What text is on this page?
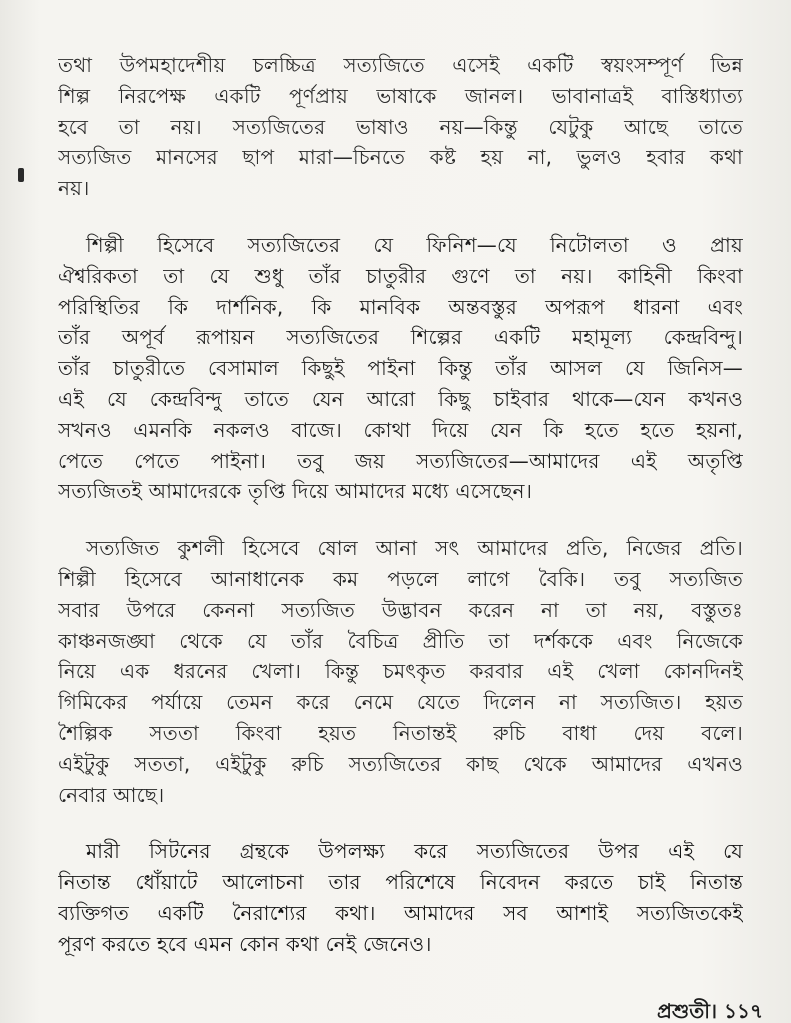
তথা উপমহাদেশীয় চলচ্চিত্র সত্যজিতে এসেই একটি স্বয়ংসম্পূর্ণ ভিন্ন
শিল্প নিরপেক্ষ একটি পূর্ণপ্রায় ভাষাকে জানল। ভাবানাত্রই বাস্তিধ্যাত্য
হবে তা নয়। সত্যজিতের ভাষাও নয়—কিন্তু যেটুকু আছে তাতে
সত্যজিত মানসের ছাপ মারা—চিনতে কষ্ট হয় না, ভুলও হবার কথা
নয়।
শিল্পী হিসেবে সত্যজিতের যে ফিনিশ—যে নিটোলতা ও প্রায়
ঐশ্বরিকতা তা যে শুধু তাঁর চাতুরীর গুণে তা নয়। কাহিনী কিংবা
পরিস্থিতির কি দার্শনিক, কি মানবিক অন্তবস্তুর অপরূপ ধারনা এবং
তাঁর অপূর্ব রূপায়ন সত্যজিতের শিল্পের একটি মহামূল্য কেন্দ্রবিন্দু।
তাঁর চাতুরীতে বেসামাল কিছুই পাইনা কিন্তু তাঁর আসল যে জিনিস—
এই যে কেন্দ্রবিন্দু তাতে যেন আরো কিছু চাইবার থাকে—যেন কখনও
সখনও এমনকি নকলও বাজে। কোথা দিয়ে যেন কি হতে হতে হয়না,
পেতে পেতে পাইনা। তবু জয় সত্যজিতের—আমাদের এই অতৃপ্তি
সত্যজিতই আমাদেরকে তৃপ্তি দিয়ে আমাদের মধ্যে এসেছেন।
সত্যজিত কুশলী হিসেবে ষোল আনা সৎ আমাদের প্রতি, নিজের প্রতি।
শিল্পী হিসেবে আনাধানেক কম পড়লে লাগে বৈকি। তবু সত্যজিত
সবার উপরে কেননা সত্যজিত উদ্ভাবন করেন না তা নয়, বস্তুতঃ
কাঞ্চনজঙ্ঘা থেকে যে তাঁর বৈচিত্র প্রীতি তা দর্শককে এবং নিজেকে
নিয়ে এক ধরনের খেলা। কিন্তু চমৎকৃত করবার এই খেলা কোনদিনই
গিমিকের পর্যায়ে তেমন করে নেমে যেতে দিলেন না সত্যজিত। হয়ত
শৈল্পিক সততা কিংবা হয়ত নিতান্তই রুচি বাধা দেয় বলে।
এইটুকু সততা, এইটুকু রুচি সত্যজিতের কাছ থেকে আমাদের এখনও
নেবার আছে।
মারী সিটনের গ্রন্থকে উপলক্ষ্য করে সত্যজিতের উপর এই যে
নিতান্ত ধোঁয়াটে আলোচনা তার পরিশেষে নিবেদন করতে চাই নিতান্ত
ব্যক্তিগত একটি নৈরাশ্যের কথা। আমাদের সব আশাই সত্যজিতকেই
পূরণ করতে হবে এমন কোন কথা নেই জেনেও।
প্রশুতী। ১১৭
